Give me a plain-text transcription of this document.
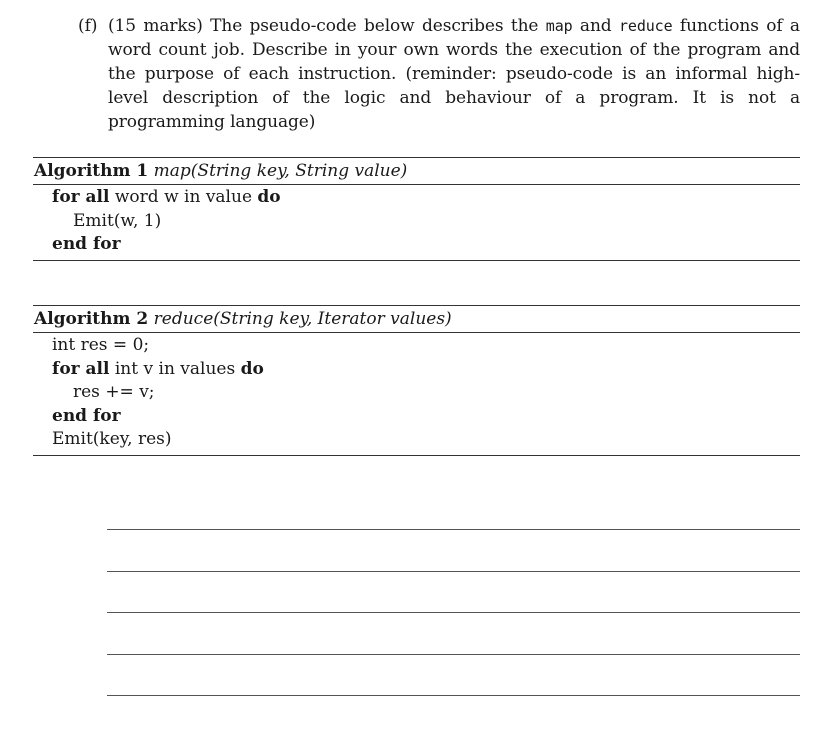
(f) (15 marks) The pseudo-code below describes the map and reduce functions of a word count job. Describe in your own words the execution of the program and the purpose of each instruction. (reminder: pseudo-code is an informal high-level description of the logic and behaviour of a program. It is not a programming language)
Algorithm 1 map(String key, String value)
for all word w in value do
Emit(w, 1)
end for
Algorithm 2 reduce(String key, Iterator values)
int res = 0;
for all int v in values do
res += v;
end for
Emit(key, res)
